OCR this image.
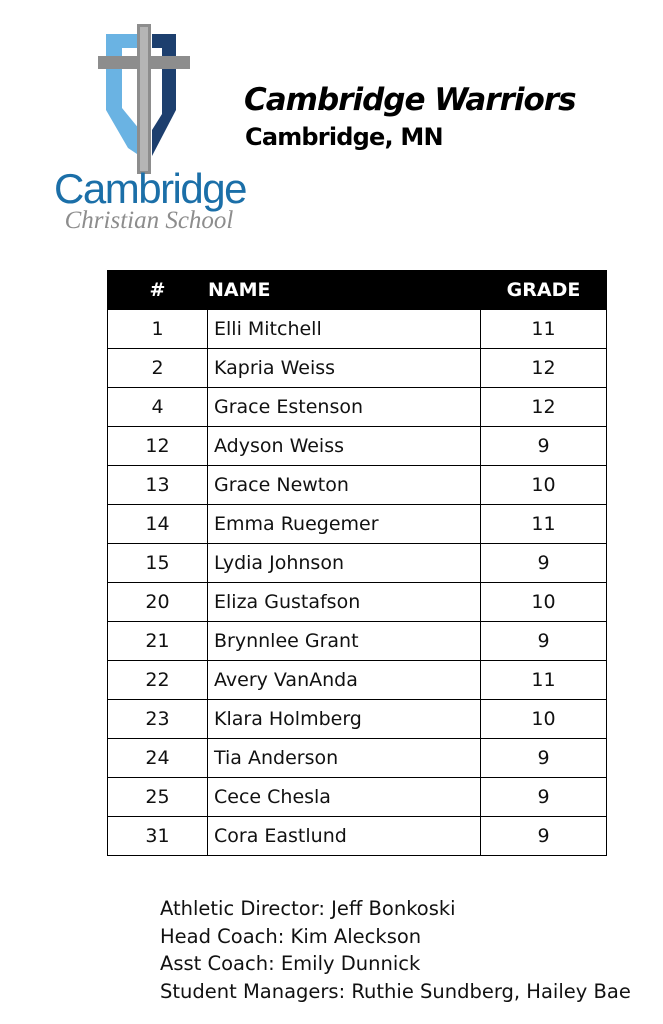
Cambridge
Christian School
Cambridge Warriors
Cambridge, MN
#	NAME	GRADE
1	Elli Mitchell	11
2	Kapria Weiss	12
4	Grace Estenson	12
12	Adyson Weiss	9
13	Grace Newton	10
14	Emma Ruegemer	11
15	Lydia Johnson	9
20	Eliza Gustafson	10
21	Brynnlee Grant	9
22	Avery VanAnda	11
23	Klara Holmberg	10
24	Tia Anderson	9
25	Cece Chesla	9
31	Cora Eastlund	9
Athletic Director: Jeff Bonkoski
Head Coach: Kim Aleckson
Asst Coach: Emily Dunnick
Student Managers: Ruthie Sundberg, Hailey Bae
